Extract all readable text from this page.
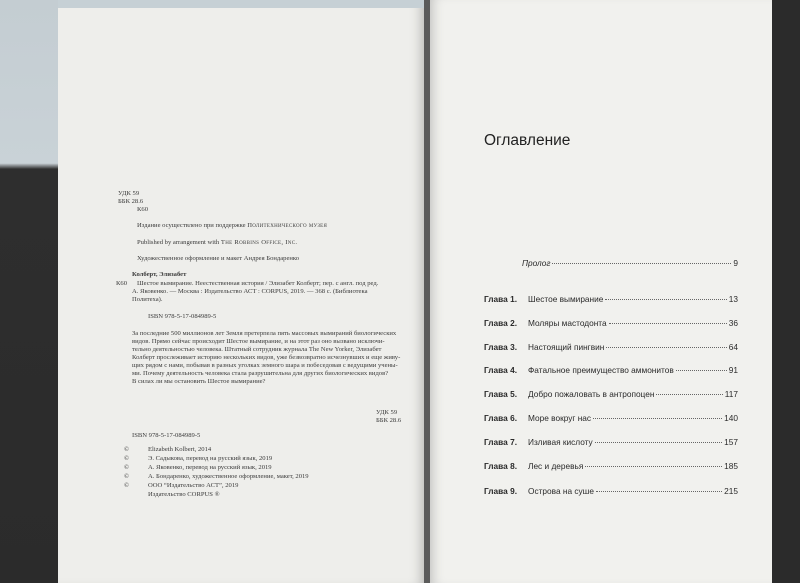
УДК 59
ББК 28.6
К60
Издание осуществлено при поддержке Политехнического музея
Published by arrangement with The Robbins Office, Inc.
Художественное оформление и макет Андрея Бондаренко
Колберт, Элизабет
К60 Шестое вымирание. Неестественная история / Элизабет Колберт; пер. с англ. под ред.
А. Яковенко. — Москва : Издательство АСТ : CORPUS, 2019. — 368 с. (Библиотека
Политеха).
ISBN 978-5-17-084989-5
За последние 500 миллионов лет Земля претерпела пять массовых вымираний биологических
видов. Прямо сейчас происходит Шестое вымирание, и на этот раз оно вызвано исключи-
тельно деятельностью человека. Штатный сотрудник журнала The New Yorker, Элизабет
Колберт прослеживает историю нескольких видов, уже безвозвратно исчезнувших и еще живу-
щих рядом с нами, побывав в разных уголках земного шара и побеседовав с ведущими учены-
ми. Почему деятельность человека стала разрушительна для других биологических видов?
В силах ли мы остановить Шестое вымирание?
УДК 59
ББК 28.6
ISBN 978-5-17-084989-5
©	Elizabeth Kolbert, 2014
©	Э. Садыкова, перевод на русский язык, 2019
©	А. Яковенко, перевод на русский язык, 2019
©	А. Бондаренко, художественное оформление, макет, 2019
©	ООО “Издательство АСТ”, 2019
Издательство CORPUS ®
Оглавление
Пролог	9
Глава 1.	Шестое вымирание	13
Глава 2.	Моляры мастодонта	36
Глава 3.	Настоящий пингвин	64
Глава 4.	Фатальное преимущество аммонитов	91
Глава 5.	Добро пожаловать в антропоцен	117
Глава 6.	Море вокруг нас	140
Глава 7.	Изливая кислоту	157
Глава 8.	Лес и деревья	185
Глава 9.	Острова на суше	215
